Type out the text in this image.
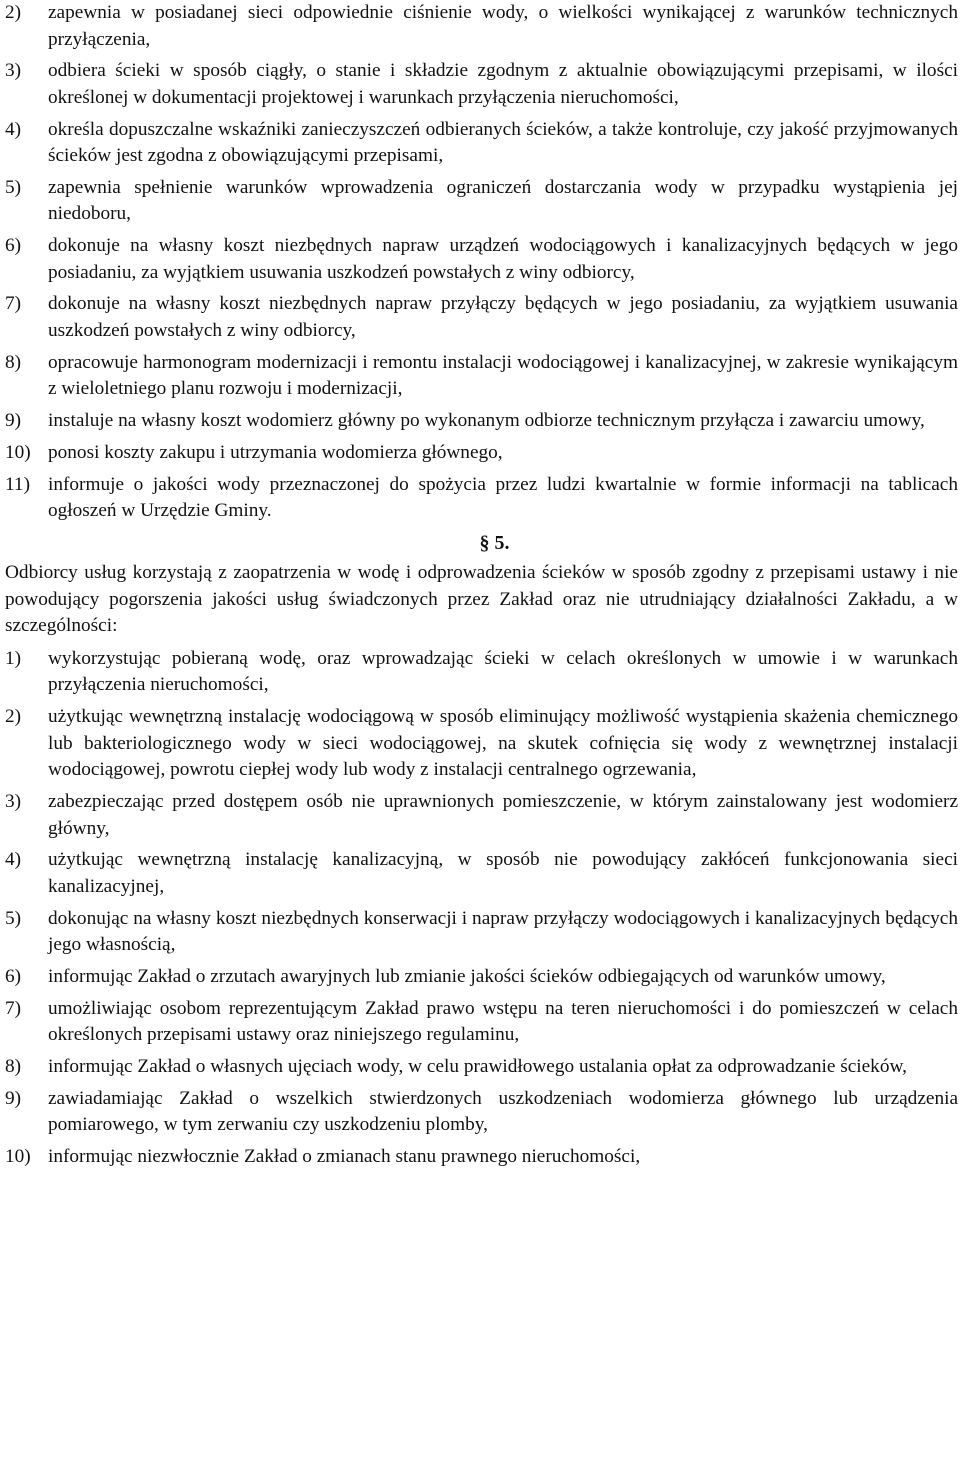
2) zapewnia w posiadanej sieci odpowiednie ciśnienie wody, o wielkości wynikającej z warunków technicznych przyłączenia,
3) odbiera ścieki w sposób ciągły, o stanie i składzie zgodnym z aktualnie obowiązującymi przepisami, w ilości określonej w dokumentacji projektowej i warunkach przyłączenia nieruchomości,
4) określa dopuszczalne wskaźniki zanieczyszczeń odbieranych ścieków, a także kontroluje, czy jakość przyjmowanych ścieków jest zgodna z obowiązującymi przepisami,
5) zapewnia spełnienie warunków wprowadzenia ograniczeń dostarczania wody w przypadku wystąpienia jej niedoboru,
6) dokonuje na własny koszt niezbędnych napraw urządzeń wodociągowych i kanalizacyjnych będących w jego posiadaniu, za wyjątkiem usuwania uszkodzeń powstałych z winy odbiorcy,
7) dokonuje na własny koszt niezbędnych napraw przyłączy będących w jego posiadaniu, za wyjątkiem usuwania uszkodzeń powstałych z winy odbiorcy,
8) opracowuje harmonogram modernizacji i remontu instalacji wodociągowej i kanalizacyjnej, w zakresie wynikającym z wieloletniego planu rozwoju i modernizacji,
9) instaluje na własny koszt wodomierz główny po wykonanym odbiorze technicznym przyłącza i zawarciu umowy,
10) ponosi koszty zakupu i utrzymania wodomierza głównego,
11) informuje o jakości wody przeznaczonej do spożycia przez ludzi kwartalnie w formie informacji na tablicach ogłoszeń w Urzędzie Gminy.
§ 5.

Odbiorcy usług korzystają z zaopatrzenia w wodę i odprowadzenia ścieków w sposób zgodny z przepisami ustawy i nie powodujący pogorszenia jakości usług świadczonych przez Zakład oraz nie utrudniający działalności Zakładu, a w szczególności:

1) wykorzystując pobieraną wodę, oraz wprowadzając ścieki w celach określonych w umowie i w warunkach przyłączenia nieruchomości,
2) użytkując wewnętrzną instalację wodociągową w sposób eliminujący możliwość wystąpienia skażenia chemicznego lub bakteriologicznego wody w sieci wodociągowej, na skutek cofnięcia się wody z wewnętrznej instalacji wodociągowej, powrotu ciepłej wody lub wody z instalacji centralnego ogrzewania,
3) zabezpieczając przed dostępem osób nie uprawnionych pomieszczenie, w którym zainstalowany jest wodomierz główny,
4) użytkując wewnętrzną instalację kanalizacyjną, w sposób nie powodujący zakłóceń funkcjonowania sieci kanalizacyjnej,
5) dokonując na własny koszt niezbędnych konserwacji i napraw przyłączy wodociągowych i kanalizacyjnych będących jego własnością,
6) informując Zakład o zrzutach awaryjnych lub zmianie jakości ścieków odbiegających od warunków umowy,
7) umożliwiając osobom reprezentującym Zakład prawo wstępu na teren nieruchomości i do pomieszczeń w celach określonych przepisami ustawy oraz niniejszego regulaminu,
8) informując Zakład o własnych ujęciach wody, w celu prawidłowego ustalania opłat za odprowadzanie ścieków,
9) zawiadamiając Zakład o wszelkich stwierdzonych uszkodzeniach wodomierza głównego lub urządzenia pomiarowego, w tym zerwaniu czy uszkodzeniu plomby,
10) informując niezwłocznie Zakład o zmianach stanu prawnego nieruchomości,
